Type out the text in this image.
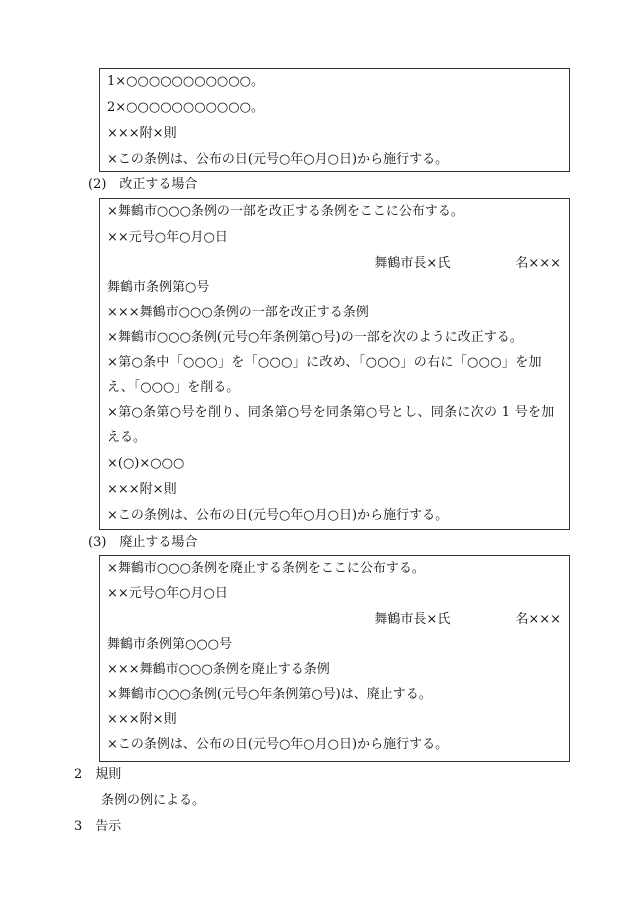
1×○○○○○○○○○○○。
2×○○○○○○○○○○○。
×××附×則
×この条例は、公布の日(元号○年○月○日)から施行する。
(2)　改正する場合
×舞鶴市○○○条例の一部を改正する条例をここに公布する。
××元号○年○月○日
舞鶴市長×氏　　　　　名×××
舞鶴市条例第○号
×××舞鶴市○○○条例の一部を改正する条例
×舞鶴市○○○条例(元号○年条例第○号)の一部を次のように改正する。
×第○条中「○○○」を「○○○」に改め、「○○○」の右に「○○○」を加
え、「○○○」を削る。
×第○条第○号を削り、同条第○号を同条第○号とし、同条に次の 1 号を加
える。
×(○)×○○○
×××附×則
×この条例は、公布の日(元号○年○月○日)から施行する。
(3)　廃止する場合
×舞鶴市○○○条例を廃止する条例をここに公布する。
××元号○年○月○日
舞鶴市長×氏　　　　　名×××
舞鶴市条例第○○○号
×××舞鶴市○○○条例を廃止する条例
×舞鶴市○○○条例(元号○年条例第○号)は、廃止する。
×××附×則
×この条例は、公布の日(元号○年○月○日)から施行する。
2　規則
条例の例による。
3　告示
